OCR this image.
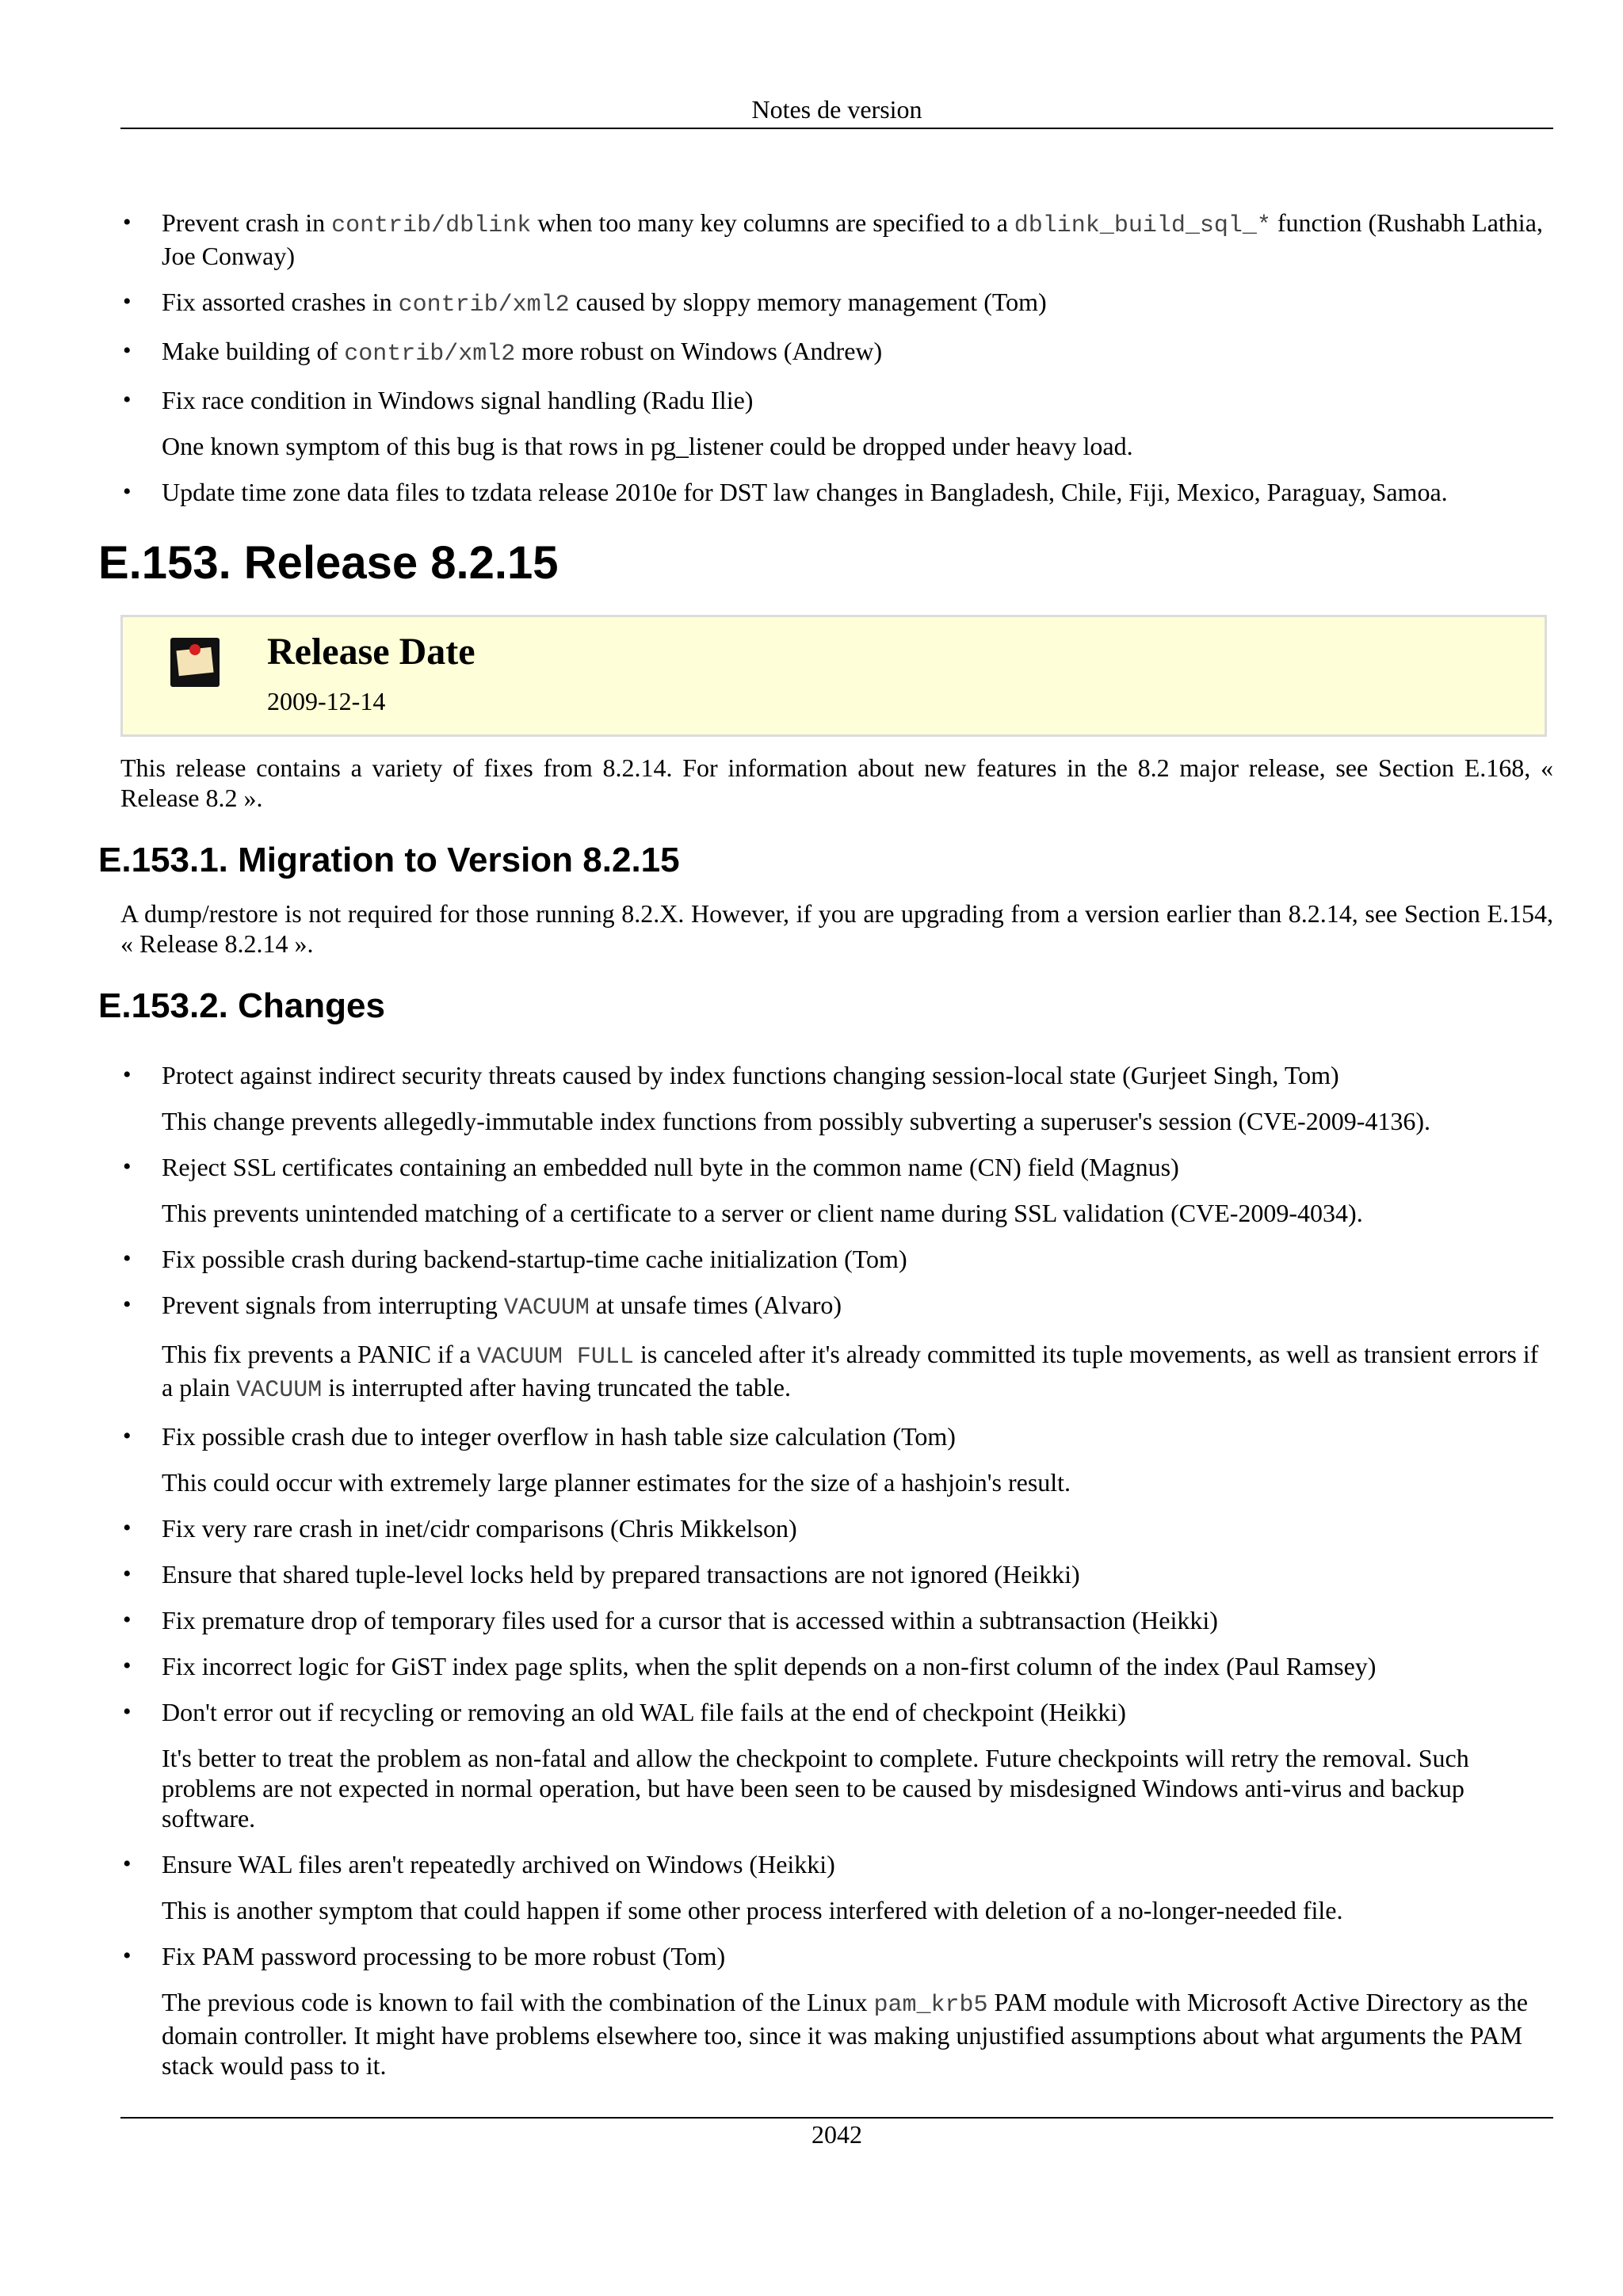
Notes de version
• Prevent crash in contrib/dblink when too many key columns are specified to a dblink_build_sql_* function (Rushabh Lathia, Joe Conway)
• Fix assorted crashes in contrib/xml2 caused by sloppy memory management (Tom)
• Make building of contrib/xml2 more robust on Windows (Andrew)
• Fix race condition in Windows signal handling (Radu Ilie)
One known symptom of this bug is that rows in pg_listener could be dropped under heavy load.
• Update time zone data files to tzdata release 2010e for DST law changes in Bangladesh, Chile, Fiji, Mexico, Paraguay, Samoa.
E.153. Release 8.2.15
Release Date
2009-12-14
This release contains a variety of fixes from 8.2.14. For information about new features in the 8.2 major release, see Section E.168, « Release 8.2 ».
E.153.1. Migration to Version 8.2.15
A dump/restore is not required for those running 8.2.X. However, if you are upgrading from a version earlier than 8.2.14, see Section E.154, « Release 8.2.14 ».
E.153.2. Changes
• Protect against indirect security threats caused by index functions changing session-local state (Gurjeet Singh, Tom)
This change prevents allegedly-immutable index functions from possibly subverting a superuser's session (CVE-2009-4136).
• Reject SSL certificates containing an embedded null byte in the common name (CN) field (Magnus)
This prevents unintended matching of a certificate to a server or client name during SSL validation (CVE-2009-4034).
• Fix possible crash during backend-startup-time cache initialization (Tom)
• Prevent signals from interrupting VACUUM at unsafe times (Alvaro)
This fix prevents a PANIC if a VACUUM FULL is canceled after it's already committed its tuple movements, as well as transient errors if a plain VACUUM is interrupted after having truncated the table.
• Fix possible crash due to integer overflow in hash table size calculation (Tom)
This could occur with extremely large planner estimates for the size of a hashjoin's result.
• Fix very rare crash in inet/cidr comparisons (Chris Mikkelson)
• Ensure that shared tuple-level locks held by prepared transactions are not ignored (Heikki)
• Fix premature drop of temporary files used for a cursor that is accessed within a subtransaction (Heikki)
• Fix incorrect logic for GiST index page splits, when the split depends on a non-first column of the index (Paul Ramsey)
• Don't error out if recycling or removing an old WAL file fails at the end of checkpoint (Heikki)
It's better to treat the problem as non-fatal and allow the checkpoint to complete. Future checkpoints will retry the removal. Such problems are not expected in normal operation, but have been seen to be caused by misdesigned Windows anti-virus and backup software.
• Ensure WAL files aren't repeatedly archived on Windows (Heikki)
This is another symptom that could happen if some other process interfered with deletion of a no-longer-needed file.
• Fix PAM password processing to be more robust (Tom)
The previous code is known to fail with the combination of the Linux pam_krb5 PAM module with Microsoft Active Directory as the domain controller. It might have problems elsewhere too, since it was making unjustified assumptions about what arguments the PAM stack would pass to it.
2042
